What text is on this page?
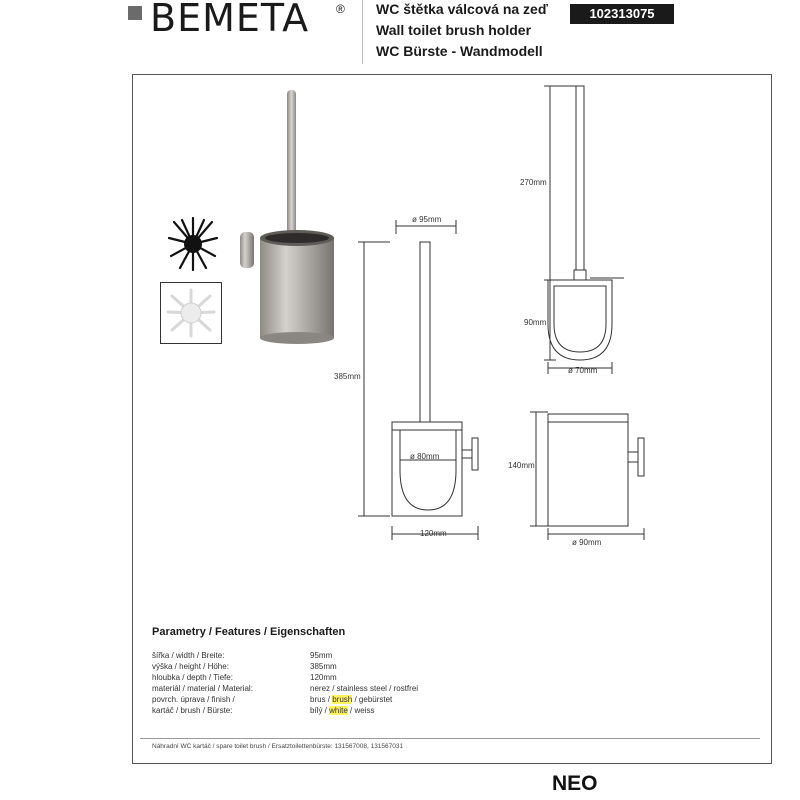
BEMETA ® WC štětka válcová na zeď
Wall toilet brush holder
WC Bürste - Wandmodell
102313075
ø 95mm
385mm
ø 80mm
120mm
270mm
90mm
ø 70mm
140mm
ø 90mm
Parametry / Features / Eigenschaften
šířka / width / Breite:	95mm
výška / height / Höhe:	385mm
hloubka / depth / Tiefe:	120mm
materiál / material / Material:	nerez / stainless steel / rostfrei
povrch. úprava / finish /	brus / brush / gebürstet
kartáč / brush / Bürste:	bílý / white / weiss
Náhradní WC kartáč / spare toilet brush / Ersatztoilettenbürste: 131567008, 131567031
NEO
